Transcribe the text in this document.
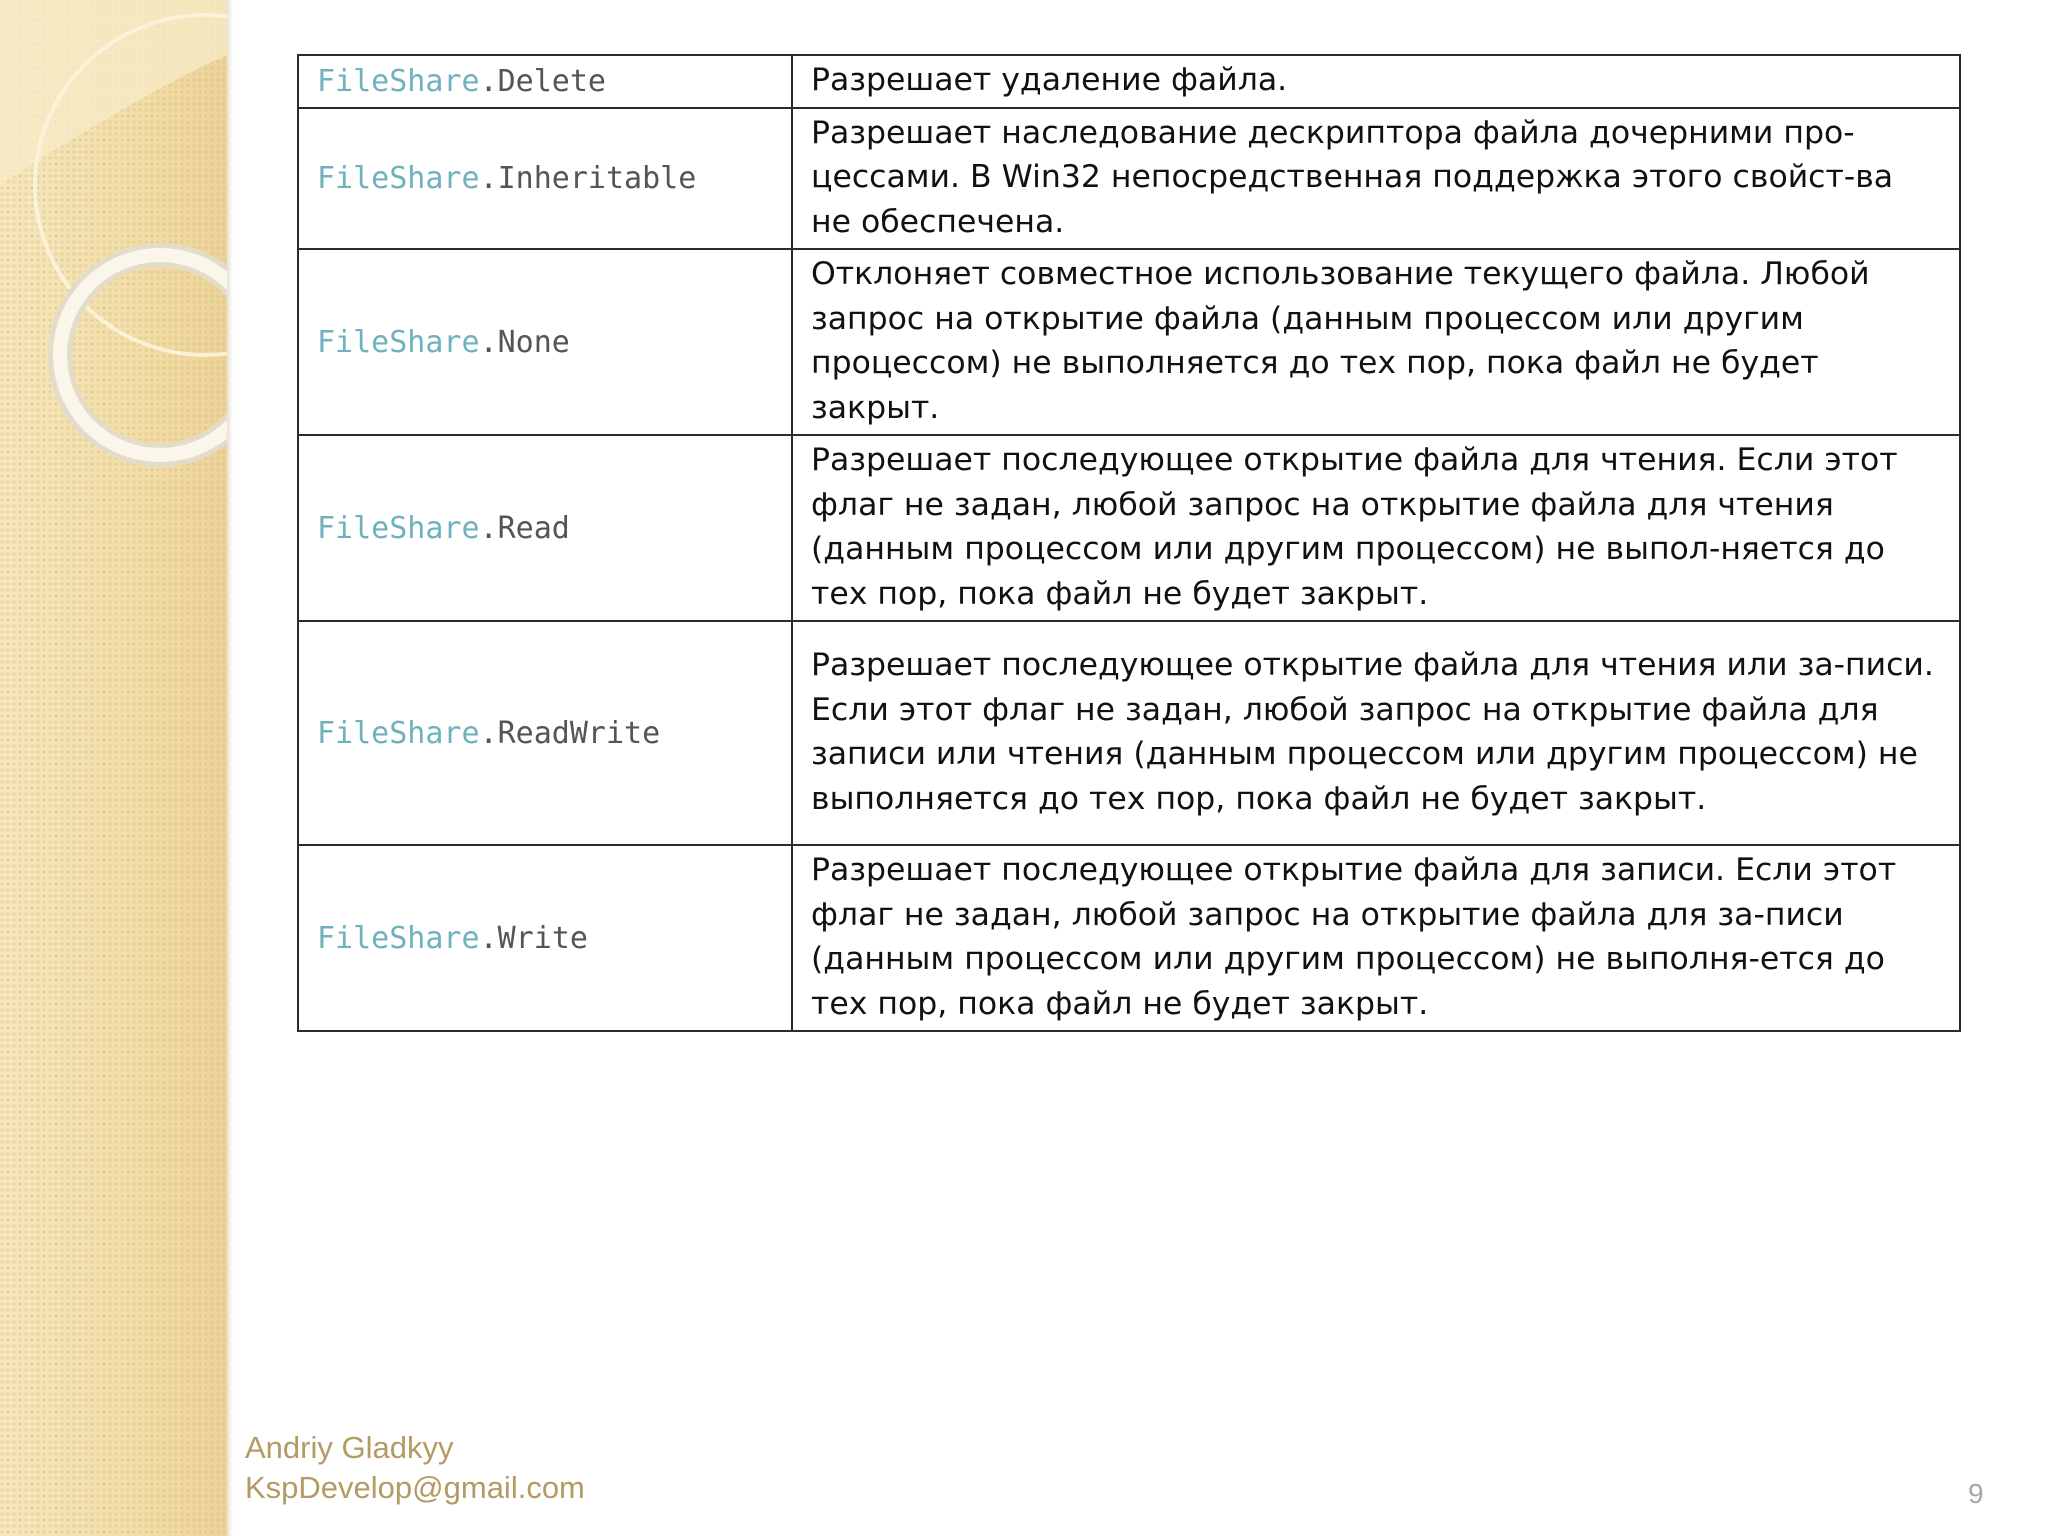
FileShare.Delete	Разрешает удаление файла.
FileShare.Inheritable	Разрешает наследование дескриптора файла дочерними про-цессами. В Win32 непосредственная поддержка этого свойст-ва не обеспечена.
FileShare.None	Отклоняет совместное использование текущего файла. Любой запрос на открытие файла (данным процессом или другим процессом) не выполняется до тех пор, пока файл не будет закрыт.
FileShare.Read	Разрешает последующее открытие файла для чтения. Если этот флаг не задан, любой запрос на открытие файла для чтения (данным процессом или другим процессом) не выпол-няется до тех пор, пока файл не будет закрыт.
FileShare.ReadWrite	Разрешает последующее открытие файла для чтения или за-писи. Если этот флаг не задан, любой запрос на открытие файла для записи или чтения (данным процессом или другим процессом) не выполняется до тех пор, пока файл не будет закрыт.
FileShare.Write	Разрешает последующее открытие файла для записи. Если этот флаг не задан, любой запрос на открытие файла для за-писи (данным процессом или другим процессом) не выполня-ется до тех пор, пока файл не будет закрыт.
Andriy Gladkyy
KspDevelop@gmail.com	9
